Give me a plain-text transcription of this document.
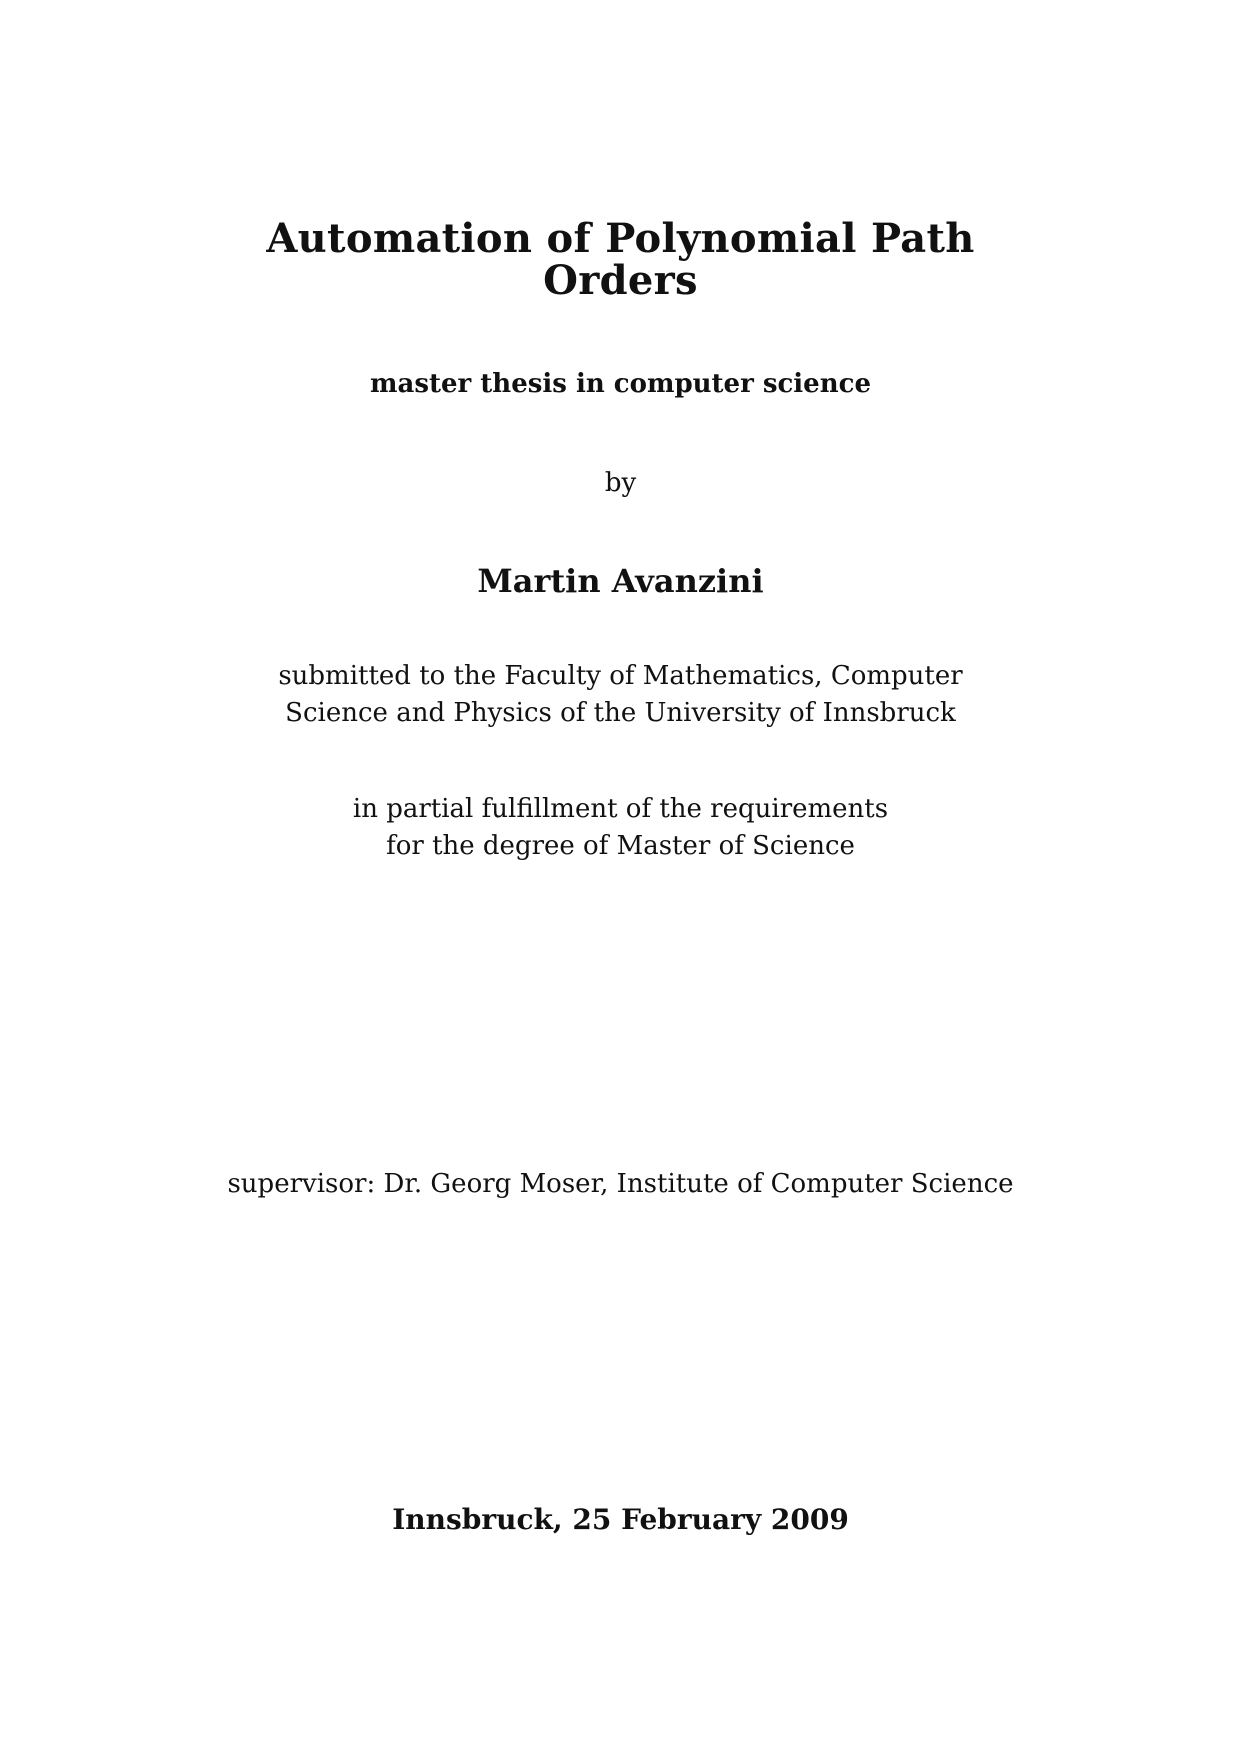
Automation of Polynomial Path
Orders

master thesis in computer science

by

Martin Avanzini

submitted to the Faculty of Mathematics, Computer
Science and Physics of the University of Innsbruck

in partial fulfillment of the requirements
for the degree of Master of Science

supervisor: Dr. Georg Moser, Institute of Computer Science

Innsbruck, 25 February 2009
